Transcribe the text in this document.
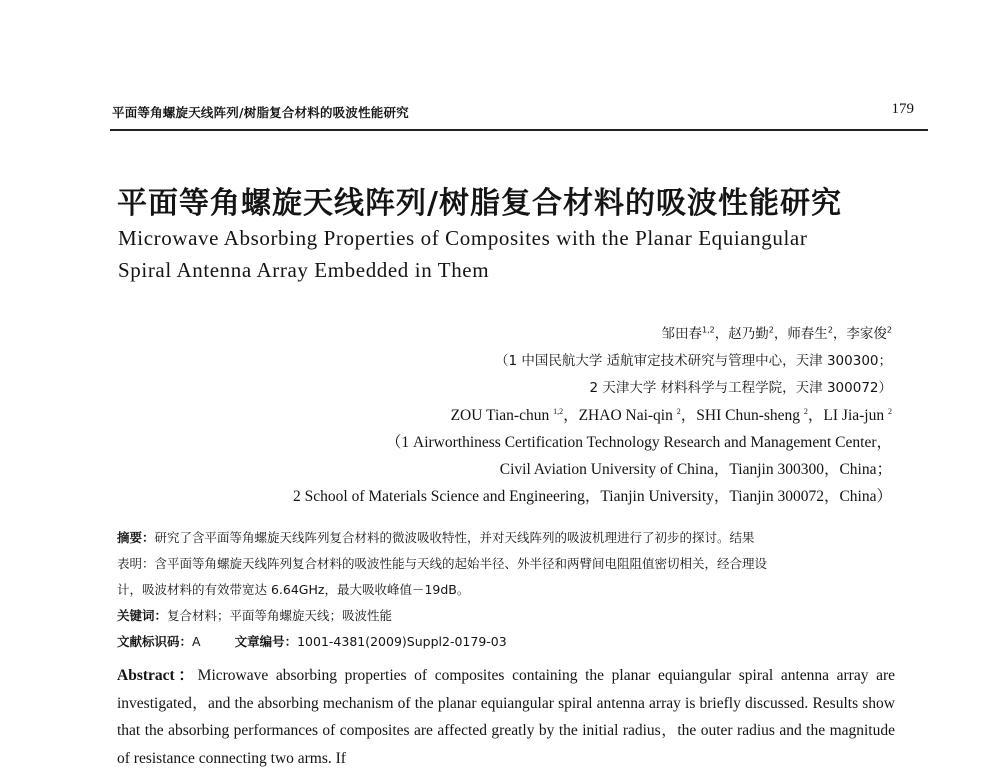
平面等角螺旋天线阵列/树脂复合材料的吸波性能研究	179
平面等角螺旋天线阵列/树脂复合材料的吸波性能研究
Microwave Absorbing Properties of Composites with the Planar Equiangular
Spiral Antenna Array Embedded in Them
邹田春$^{1,2}$，赵乃勤$^2$，师春生$^2$，李家俊$^2$
（1 中国民航大学 适航审定技术研究与管理中心，天津 300300；
2 天津大学 材料科学与工程学院，天津 300072）
ZOU Tian-chun $^{1,2}$，ZHAO Nai-qin $^2$，SHI Chun-sheng $^2$，LI Jia-jun $^2$
（1 Airworthiness Certification Technology Research and Management Center，
Civil Aviation University of China，Tianjin 300300，China；
2 School of Materials Science and Engineering，Tianjin University，Tianjin 300072，China）
摘要：研究了含平面等角螺旋天线阵列复合材料的微波吸收特性，并对天线阵列的吸波机理进行了初步的探讨。结果
表明：含平面等角螺旋天线阵列复合材料的吸波性能与天线的起始半径、外半径和两臂间电阻阻值密切相关，经合理设
计，吸波材料的有效带宽达 6.64GHz，最大吸收峰值－19dB。
关键词：复合材料；平面等角螺旋天线；吸波性能
文献标识码：A	文章编号：1001-4381(2009)Suppl2-0179-03
Abstract：Microwave absorbing properties of composites containing the planar equiangular spiral antenna array are investigated，and the absorbing mechanism of the planar equiangular spiral antenna array is briefly discussed. Results show that the absorbing performances of composites are affected greatly by the initial radius，the outer radius and the magnitude of resistance connecting two arms. If
